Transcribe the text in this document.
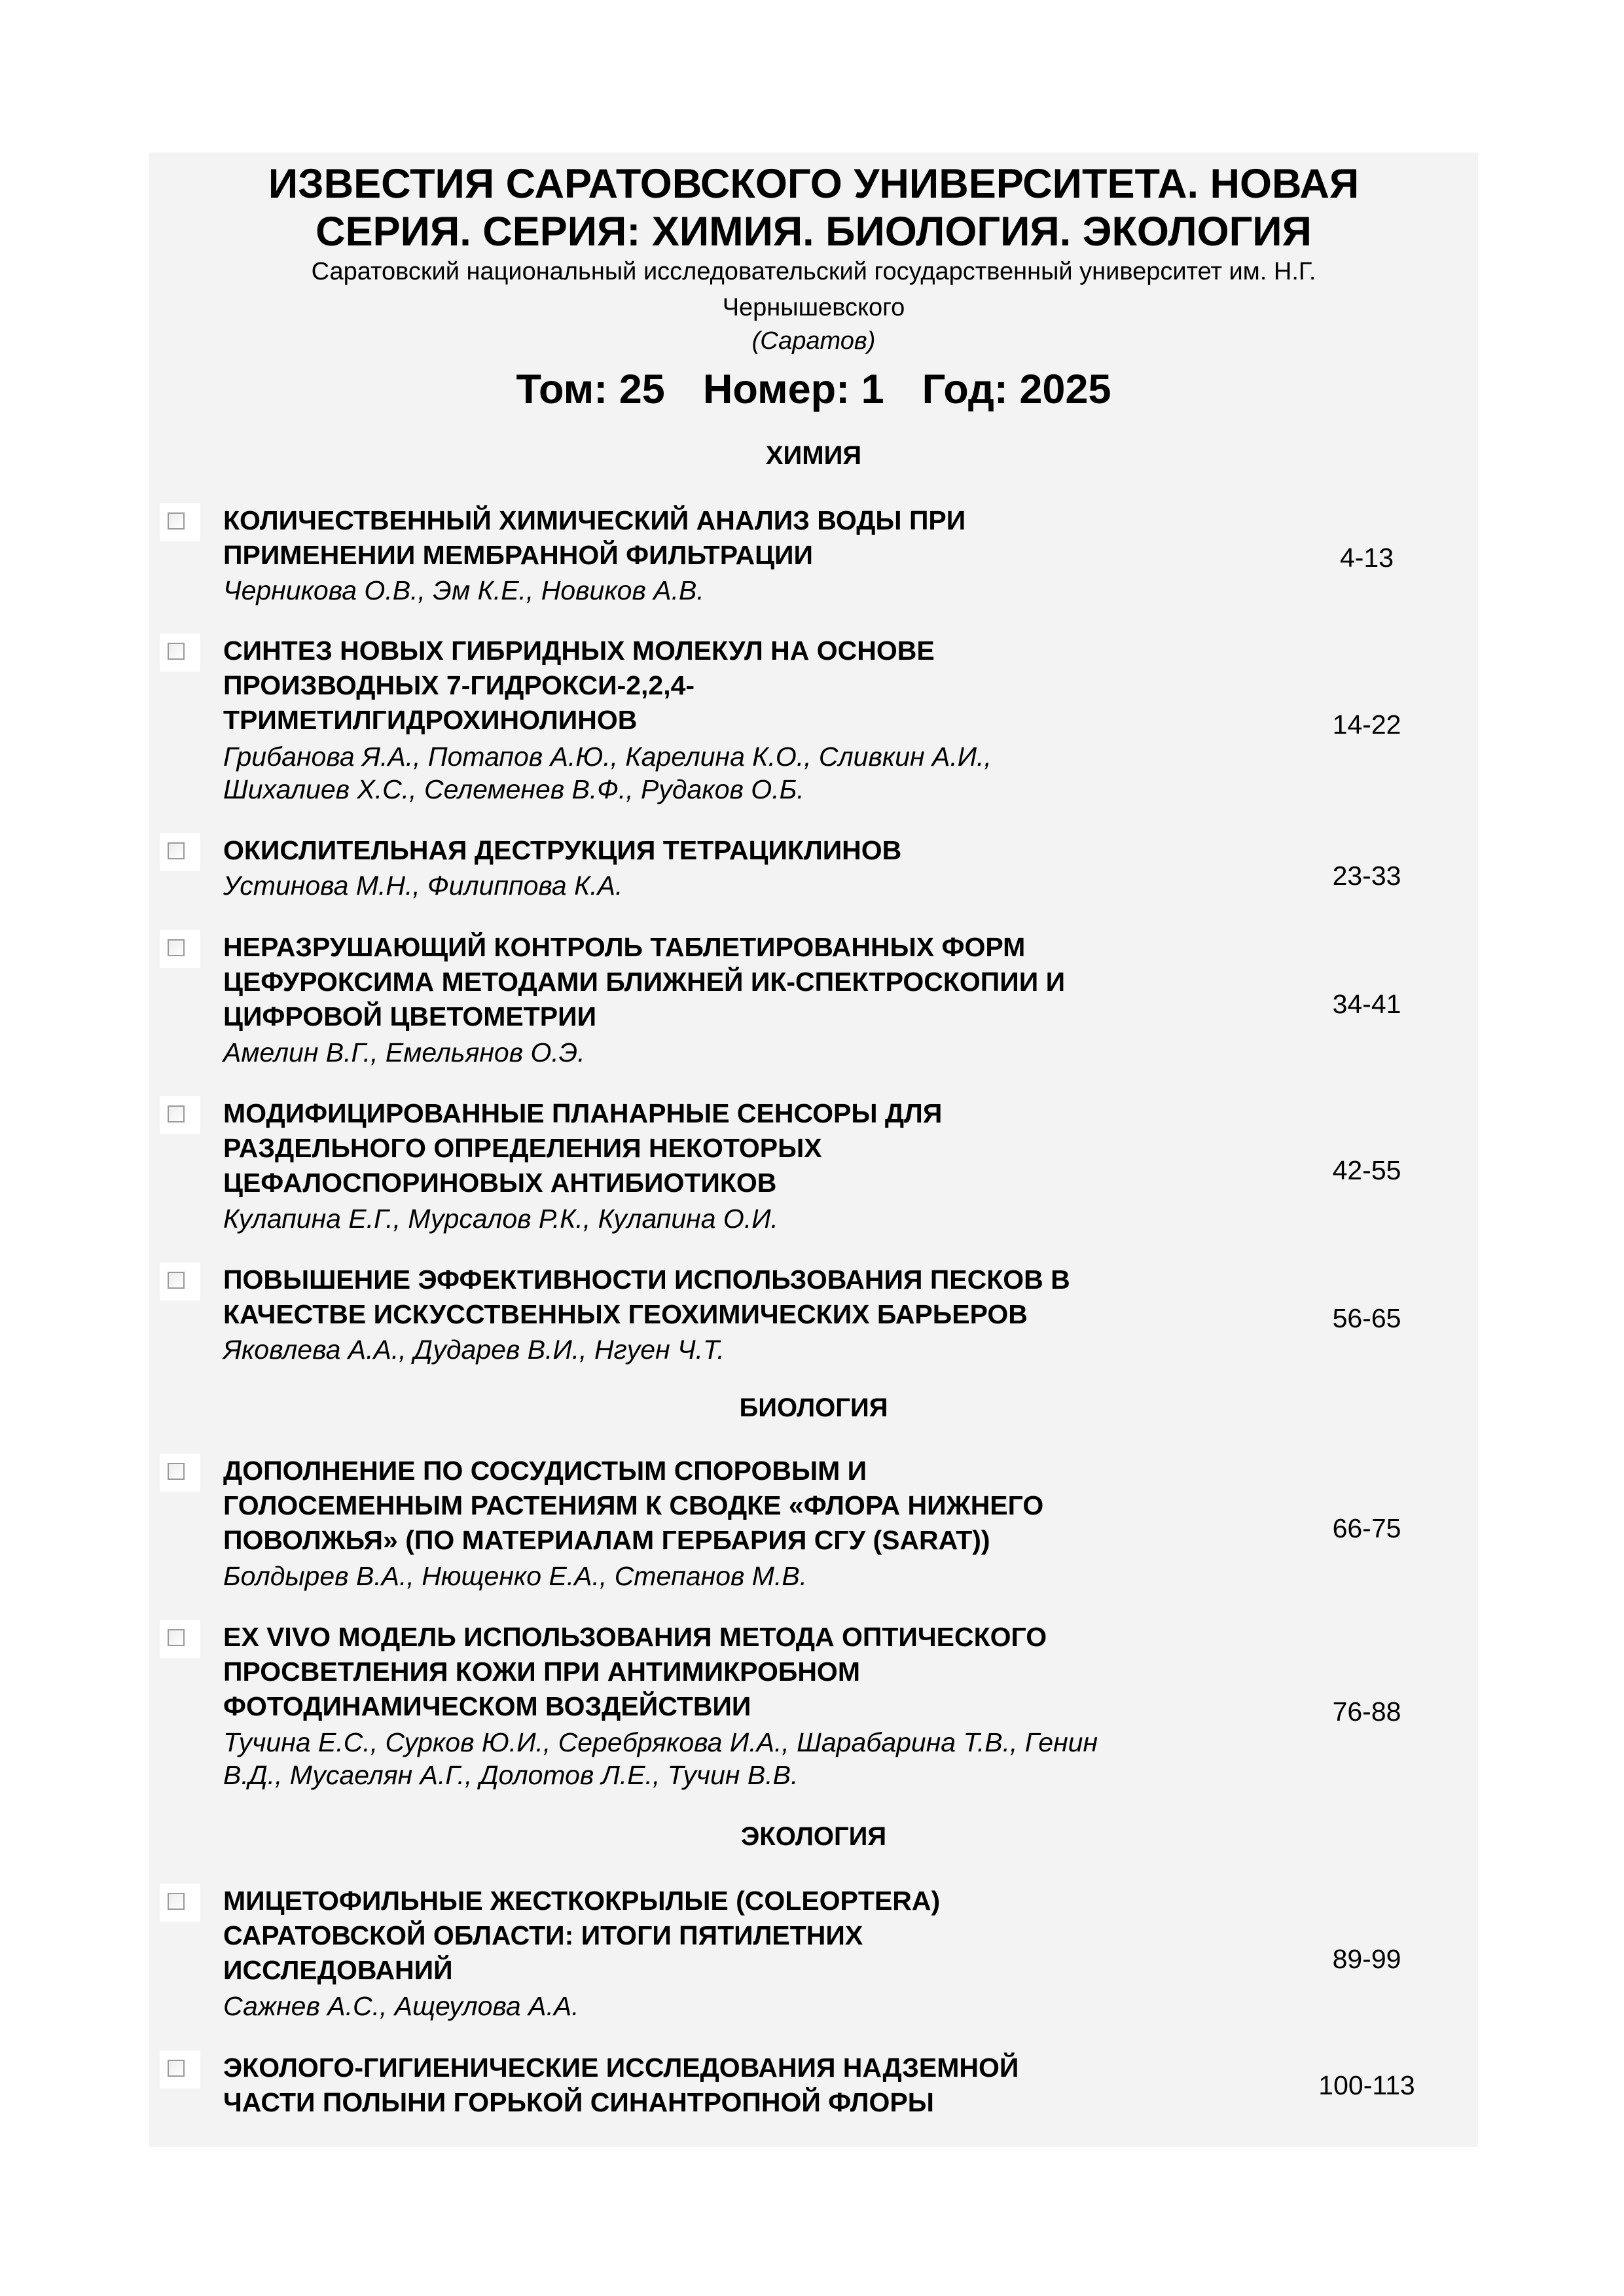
ИЗВЕСТИЯ САРАТОВСКОГО УНИВЕРСИТЕТА. НОВАЯ
СЕРИЯ. СЕРИЯ: ХИМИЯ. БИОЛОГИЯ. ЭКОЛОГИЯ
Саратовский национальный исследовательский государственный университет им. Н.Г.
Чернышевского
(Саратов)
Том: 25 Номер: 1 Год: 2025
ХИМИЯ
КОЛИЧЕСТВЕННЫЙ ХИМИЧЕСКИЙ АНАЛИЗ ВОДЫ ПРИ
ПРИМЕНЕНИИ МЕМБРАННОЙ ФИЛЬТРАЦИИ
Черникова О.В., Эм К.Е., Новиков А.В.
4-13
СИНТЕЗ НОВЫХ ГИБРИДНЫХ МОЛЕКУЛ НА ОСНОВЕ
ПРОИЗВОДНЫХ 7-ГИДРОКСИ-2,2,4-
ТРИМЕТИЛГИДРОХИНОЛИНОВ
Грибанова Я.А., Потапов А.Ю., Карелина К.О., Сливкин А.И.,
Шихалиев Х.С., Селеменев В.Ф., Рудаков О.Б.
14-22
ОКИСЛИТЕЛЬНАЯ ДЕСТРУКЦИЯ ТЕТРАЦИКЛИНОВ
Устинова М.Н., Филиппова К.А.	23-33
НЕРАЗРУШАЮЩИЙ КОНТРОЛЬ ТАБЛЕТИРОВАННЫХ ФОРМ
ЦЕФУРОКСИМА МЕТОДАМИ БЛИЖНЕЙ ИК-СПЕКТРОСКОПИИ И
ЦИФРОВОЙ ЦВЕТОМЕТРИИ
Амелин В.Г., Емельянов О.Э.
34-41
МОДИФИЦИРОВАННЫЕ ПЛАНАРНЫЕ СЕНСОРЫ ДЛЯ
РАЗДЕЛЬНОГО ОПРЕДЕЛЕНИЯ НЕКОТОРЫХ
ЦЕФАЛОСПОРИНОВЫХ АНТИБИОТИКОВ
Кулапина Е.Г., Мурсалов Р.К., Кулапина О.И.
42-55
ПОВЫШЕНИЕ ЭФФЕКТИВНОСТИ ИСПОЛЬЗОВАНИЯ ПЕСКОВ В
КАЧЕСТВЕ ИСКУССТВЕННЫХ ГЕОХИМИЧЕСКИХ БАРЬЕРОВ
Яковлева А.А., Дударев В.И., Нгуен Ч.Т.
56-65
БИОЛОГИЯ
ДОПОЛНЕНИЕ ПО СОСУДИСТЫМ СПОРОВЫМ И
ГОЛОСЕМЕННЫМ РАСТЕНИЯМ К СВОДКЕ «ФЛОРА НИЖНЕГО
ПОВОЛЖЬЯ» (ПО МАТЕРИАЛАМ ГЕРБАРИЯ СГУ (SARAT))
Болдырев В.А., Нющенко Е.А., Степанов М.В.
66-75
EX VIVO МОДЕЛЬ ИСПОЛЬЗОВАНИЯ МЕТОДА ОПТИЧЕСКОГО
ПРОСВЕТЛЕНИЯ КОЖИ ПРИ АНТИМИКРОБНОМ
ФОТОДИНАМИЧЕСКОМ ВОЗДЕЙСТВИИ
Тучина Е.С., Сурков Ю.И., Серебрякова И.А., Шарабарина Т.В., Генин
В.Д., Мусаелян А.Г., Долотов Л.Е., Тучин В.В.
76-88
ЭКОЛОГИЯ
МИЦЕТОФИЛЬНЫЕ ЖЕСТКОКРЫЛЫЕ (COLEOPTERA)
САРАТОВСКОЙ ОБЛАСТИ: ИТОГИ ПЯТИЛЕТНИХ
ИССЛЕДОВАНИЙ
Сажнев А.С., Ащеулова А.А.
89-99
ЭКОЛОГО-ГИГИЕНИЧЕСКИЕ ИССЛЕДОВАНИЯ НАДЗЕМНОЙ
ЧАСТИ ПОЛЫНИ ГОРЬКОЙ СИНАНТРОПНОЙ ФЛОРЫ
100-113
